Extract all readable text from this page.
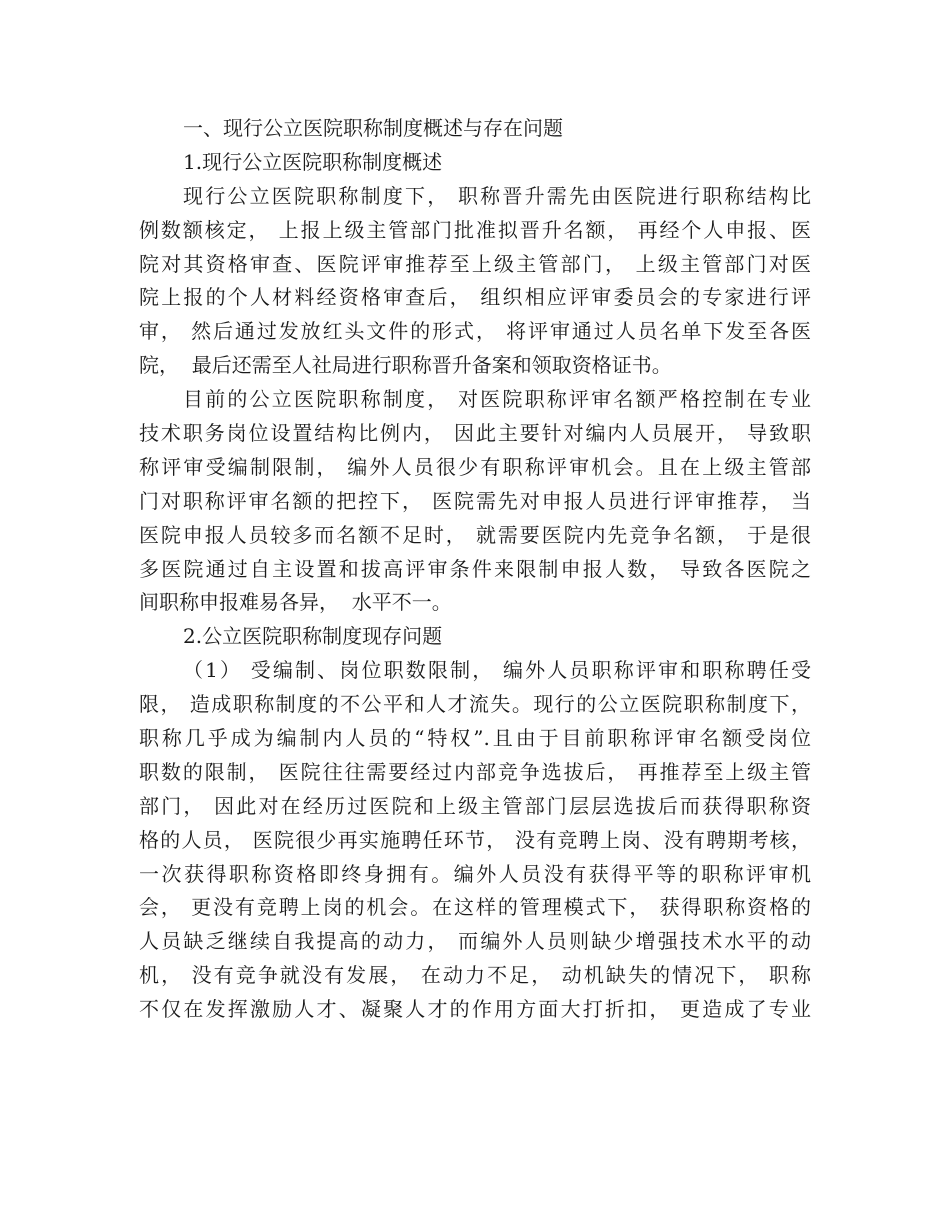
一、现行公立医院职称制度概述与存在问题
1.现行公立医院职称制度概述
现行公立医院职称制度下， 职称晋升需先由医院进行职称结构比
例数额核定， 上报上级主管部门批准拟晋升名额， 再经个人申报、医
院对其资格审查、医院评审推荐至上级主管部门， 上级主管部门对医
院上报的个人材料经资格审查后， 组织相应评审委员会的专家进行评
审， 然后通过发放红头文件的形式， 将评审通过人员名单下发至各医
院，  最后还需至人社局进行职称晋升备案和领取资格证书。
目前的公立医院职称制度， 对医院职称评审名额严格控制在专业
技术职务岗位设置结构比例内， 因此主要针对编内人员展开， 导致职
称评审受编制限制， 编外人员很少有职称评审机会。且在上级主管部
门对职称评审名额的把控下， 医院需先对申报人员进行评审推荐， 当
医院申报人员较多而名额不足时， 就需要医院内先竞争名额， 于是很
多医院通过自主设置和拔高评审条件来限制申报人数， 导致各医院之
间职称申报难易各异，  水平不一。
2.公立医院职称制度现存问题
（1） 受编制、岗位职数限制， 编外人员职称评审和职称聘任受
限， 造成职称制度的不公平和人才流失。现行的公立医院职称制度下，
职称几乎成为编制内人员的“特权”.且由于目前职称评审名额受岗位
职数的限制， 医院往往需要经过内部竞争选拔后， 再推荐至上级主管
部门， 因此对在经历过医院和上级主管部门层层选拔后而获得职称资
格的人员， 医院很少再实施聘任环节， 没有竞聘上岗、没有聘期考核，
一次获得职称资格即终身拥有。编外人员没有获得平等的职称评审机
会， 更没有竞聘上岗的机会。在这样的管理模式下， 获得职称资格的
人员缺乏继续自我提高的动力， 而编外人员则缺少增强技术水平的动
机， 没有竞争就没有发展， 在动力不足， 动机缺失的情况下， 职称
不仅在发挥激励人才、凝聚人才的作用方面大打折扣， 更造成了专业
